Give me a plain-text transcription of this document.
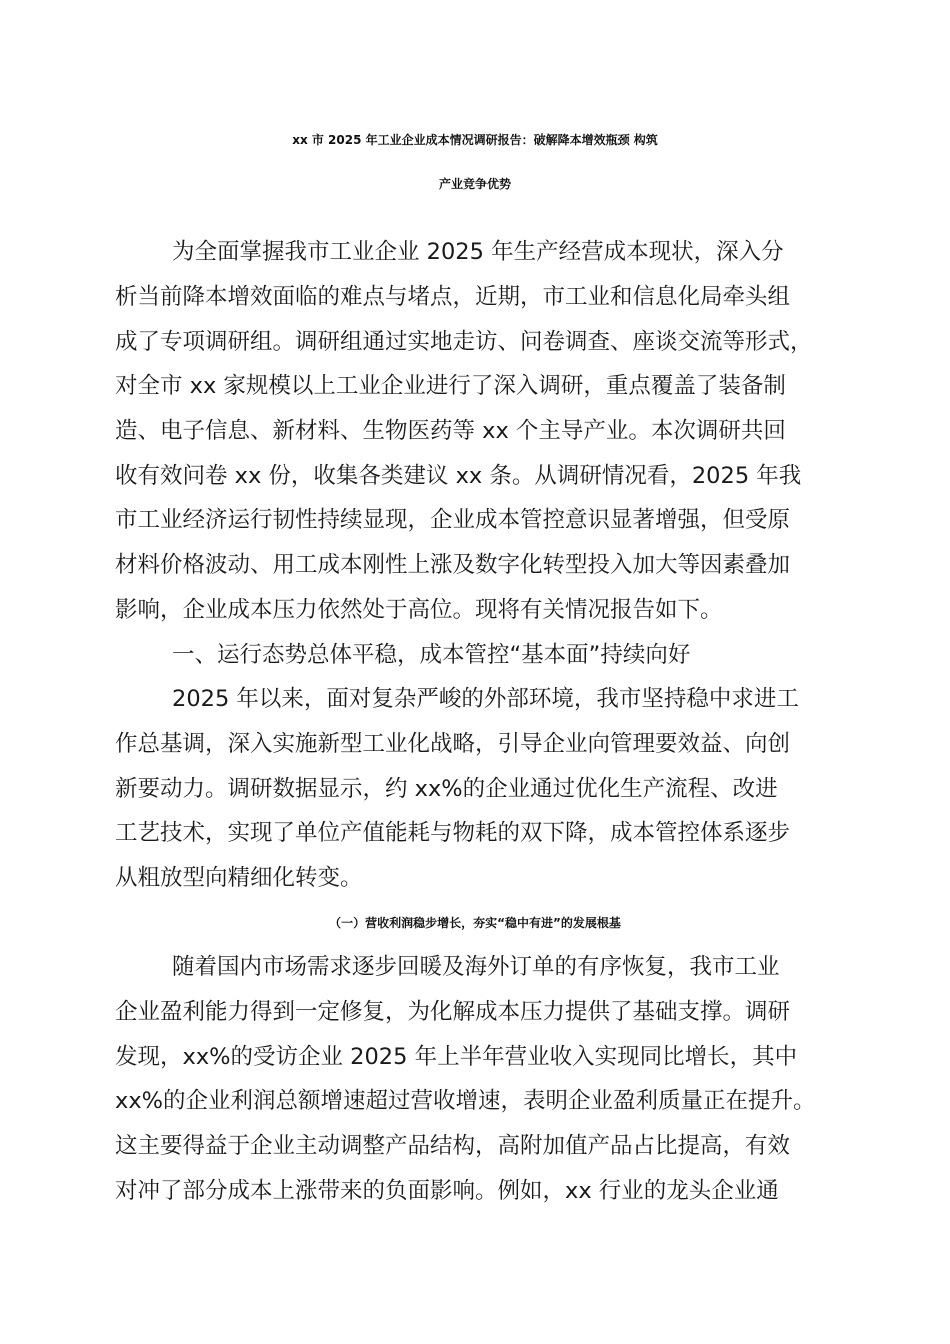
xx 市 2025 年工业企业成本情况调研报告：破解降本增效瓶颈 构筑
产业竞争优势
为全面掌握我市工业企业 2025 年生产经营成本现状，深入分
析当前降本增效面临的难点与堵点，近期，市工业和信息化局牵头组
成了专项调研组。调研组通过实地走访、问卷调查、座谈交流等形式，
对全市 xx 家规模以上工业企业进行了深入调研，重点覆盖了装备制
造、电子信息、新材料、生物医药等 xx 个主导产业。本次调研共回
收有效问卷 xx 份，收集各类建议 xx 条。从调研情况看，2025 年我
市工业经济运行韧性持续显现，企业成本管控意识显著增强，但受原
材料价格波动、用工成本刚性上涨及数字化转型投入加大等因素叠加
影响，企业成本压力依然处于高位。现将有关情况报告如下。
一、运行态势总体平稳，成本管控“基本面”持续向好
2025 年以来，面对复杂严峻的外部环境，我市坚持稳中求进工
作总基调，深入实施新型工业化战略，引导企业向管理要效益、向创
新要动力。调研数据显示，约 xx%的企业通过优化生产流程、改进
工艺技术，实现了单位产值能耗与物耗的双下降，成本管控体系逐步
从粗放型向精细化转变。
（一）营收利润稳步增长，夯实“稳中有进”的发展根基
随着国内市场需求逐步回暖及海外订单的有序恢复，我市工业
企业盈利能力得到一定修复，为化解成本压力提供了基础支撑。调研
发现，xx%的受访企业 2025 年上半年营业收入实现同比增长，其中
xx%的企业利润总额增速超过营收增速，表明企业盈利质量正在提升。
这主要得益于企业主动调整产品结构，高附加值产品占比提高，有效
对冲了部分成本上涨带来的负面影响。例如，xx 行业的龙头企业通
